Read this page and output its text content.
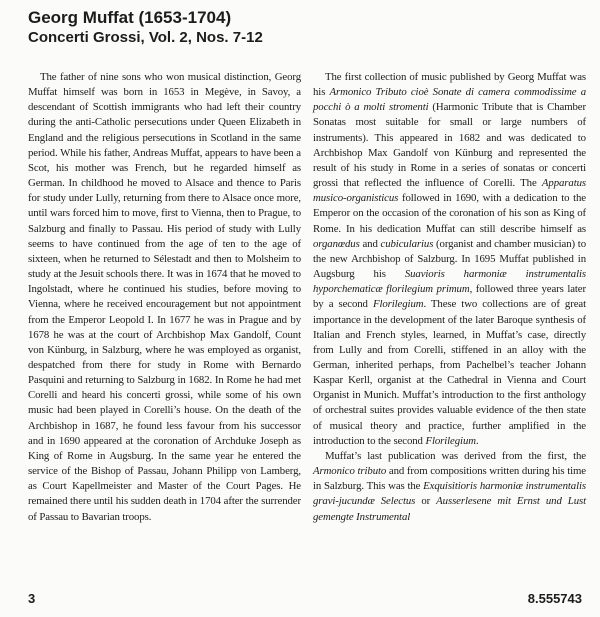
Georg Muffat (1653-1704)
Concerti Grossi, Vol. 2, Nos. 7-12

The father of nine sons who won musical distinction, Georg Muffat himself was born in 1653 in Megève, in Savoy, a descendant of Scottish immigrants who had left their country during the anti-Catholic persecutions under Queen Elizabeth in England and the religious persecutions in Scotland in the same period. While his father, Andreas Muffat, appears to have been a Scot, his mother was French, but he regarded himself as German. In childhood he moved to Alsace and thence to Paris for study under Lully, returning from there to Alsace once more, until wars forced him to move, first to Vienna, then to Prague, to Salzburg and finally to Passau. His period of study with Lully seems to have continued from the age of ten to the age of sixteen, when he returned to Sélestadt and then to Molsheim to study at the Jesuit schools there. It was in 1674 that he moved to Ingolstadt, where he continued his studies, before moving to Vienna, where he received encouragement but not appointment from the Emperor Leopold I. In 1677 he was in Prague and by 1678 he was at the court of Archbishop Max Gandolf, Count von Künburg, in Salzburg, where he was employed as organist, despatched from there for study in Rome with Bernardo Pasquini and returning to Salzburg in 1682. In Rome he had met Corelli and heard his concerti grossi, while some of his own music had been played in Corelli’s house. On the death of the Archbishop in 1687, he found less favour from his successor and in 1690 appeared at the coronation of Archduke Joseph as King of Rome in Augsburg. In the same year he entered the service of the Bishop of Passau, Johann Philipp von Lamberg, as Court Kapellmeister and Master of the Court Pages. He remained there until his sudden death in 1704 after the surrender of Passau to Bavarian troops.

The first collection of music published by Georg Muffat was his Armonico Tributo cioè Sonate di camera commodissime a pocchi ò a molti stromenti (Harmonic Tribute that is Chamber Sonatas most suitable for small or large numbers of instruments). This appeared in 1682 and was dedicated to Archbishop Max Gandolf von Künburg and represented the result of his study in Rome in a series of sonatas or concerti grossi that reflected the influence of Corelli. The Apparatus musico-organisticus followed in 1690, with a dedication to the Emperor on the occasion of the coronation of his son as King of Rome. In his dedication Muffat can still describe himself as organœdus and cubicularius (organist and chamber musician) to the new Archbishop of Salzburg. In 1695 Muffat published in Augsburg his Suavioris harmoniæ instrumentalis hyporchematicæ florilegium primum, followed three years later by a second Florilegium. These two collections are of great importance in the development of the later Baroque synthesis of Italian and French styles, learned, in Muffat’s case, directly from Lully and from Corelli, stiffened in an alloy with the German, inherited perhaps, from Pachelbel’s teacher Johann Kaspar Kerll, organist at the Cathedral in Vienna and Court Organist in Munich. Muffat’s introduction to the first anthology of orchestral suites provides valuable evidence of the then state of musical theory and practice, further amplified in the introduction to the second Florilegium.

Muffat’s last publication was derived from the first, the Armonico tributo and from compositions written during his time in Salzburg. This was the Exquisitioris harmoniæ instrumentalis gravi-jucundæ Selectus or Ausserlesene mit Ernst und Lust gemengte Instrumental

3	8.555743
